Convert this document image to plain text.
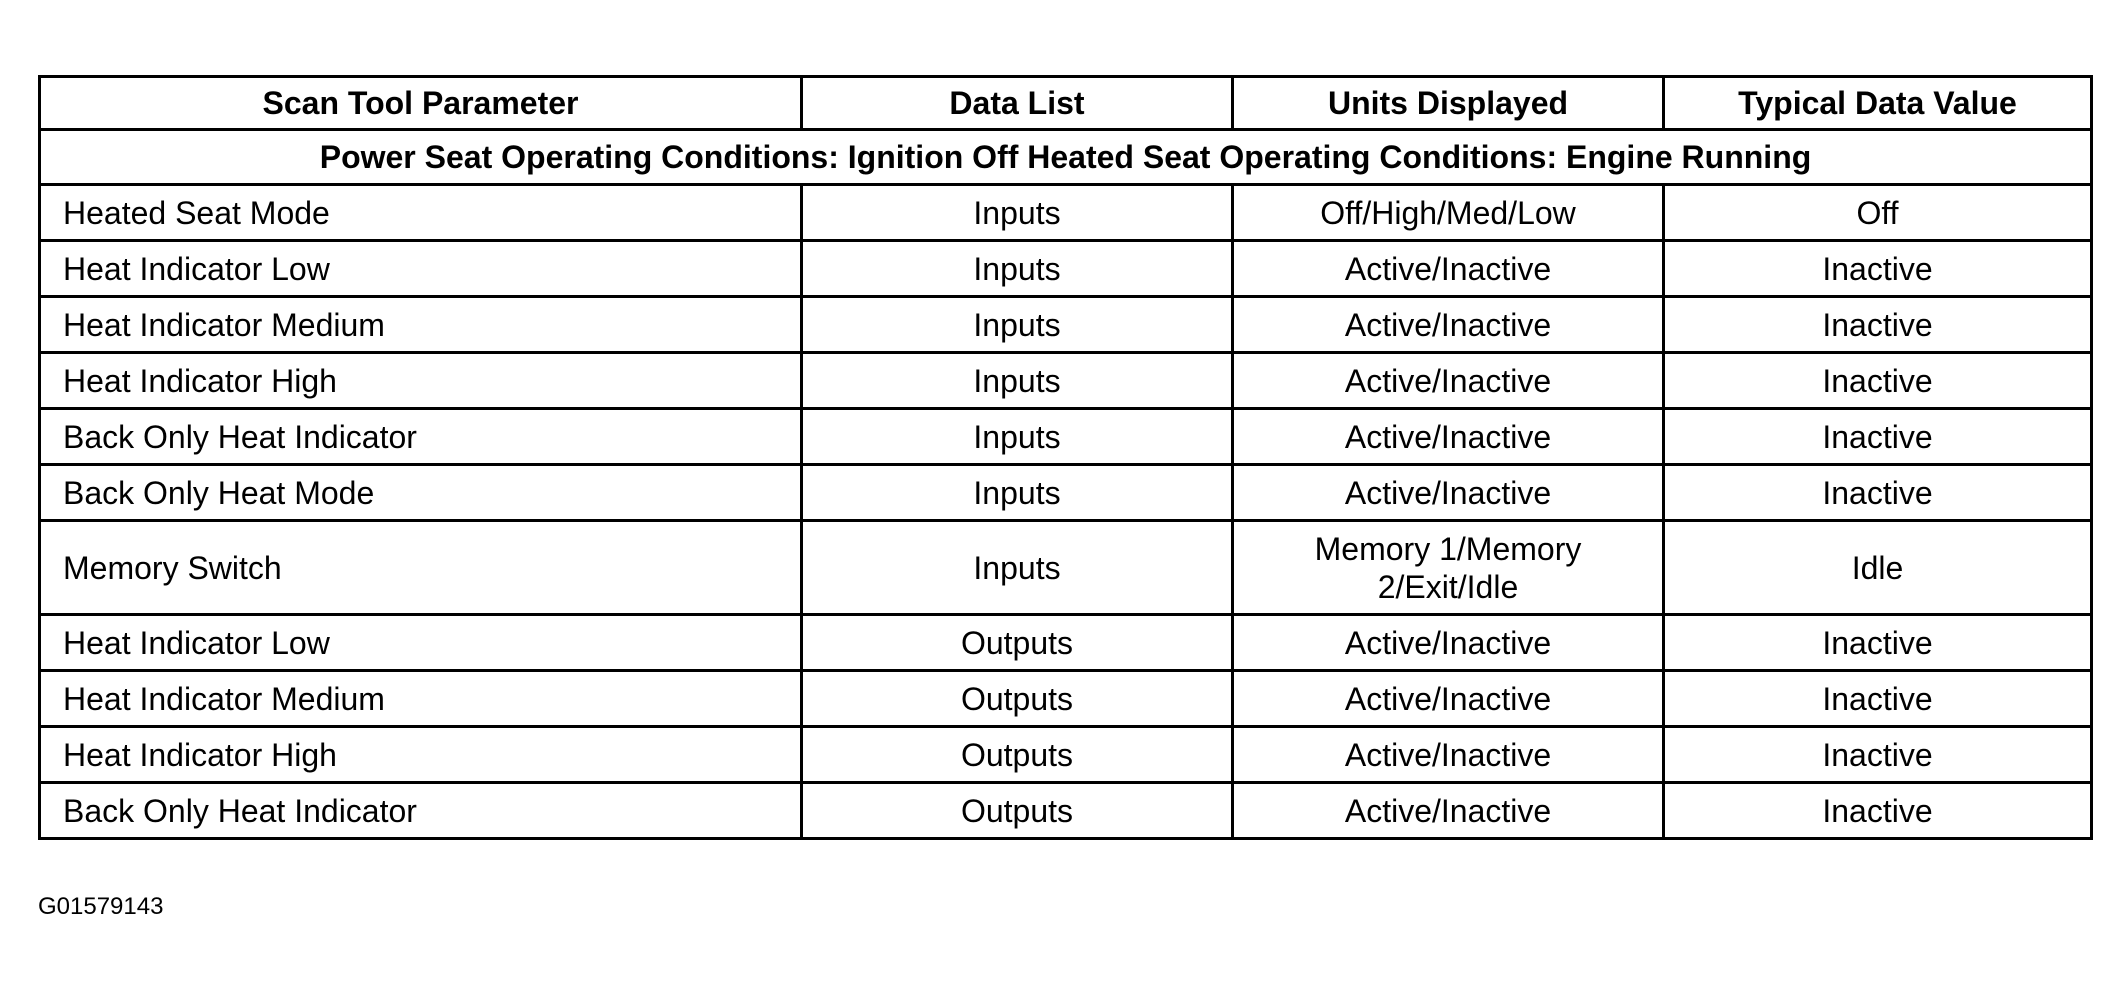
Scan Tool Parameter	Data List	Units Displayed	Typical Data Value
Power Seat Operating Conditions: Ignition Off Heated Seat Operating Conditions: Engine Running			
Heated Seat Mode	Inputs	Off/High/Med/Low	Off
Heat Indicator Low	Inputs	Active/Inactive	Inactive
Heat Indicator Medium	Inputs	Active/Inactive	Inactive
Heat Indicator High	Inputs	Active/Inactive	Inactive
Back Only Heat Indicator	Inputs	Active/Inactive	Inactive
Back Only Heat Mode	Inputs	Active/Inactive	Inactive
Memory Switch	Inputs	Memory 1/Memory 2/Exit/Idle	Idle
Heat Indicator Low	Outputs	Active/Inactive	Inactive
Heat Indicator Medium	Outputs	Active/Inactive	Inactive
Heat Indicator High	Outputs	Active/Inactive	Inactive
Back Only Heat Indicator	Outputs	Active/Inactive	Inactive
G01579143
